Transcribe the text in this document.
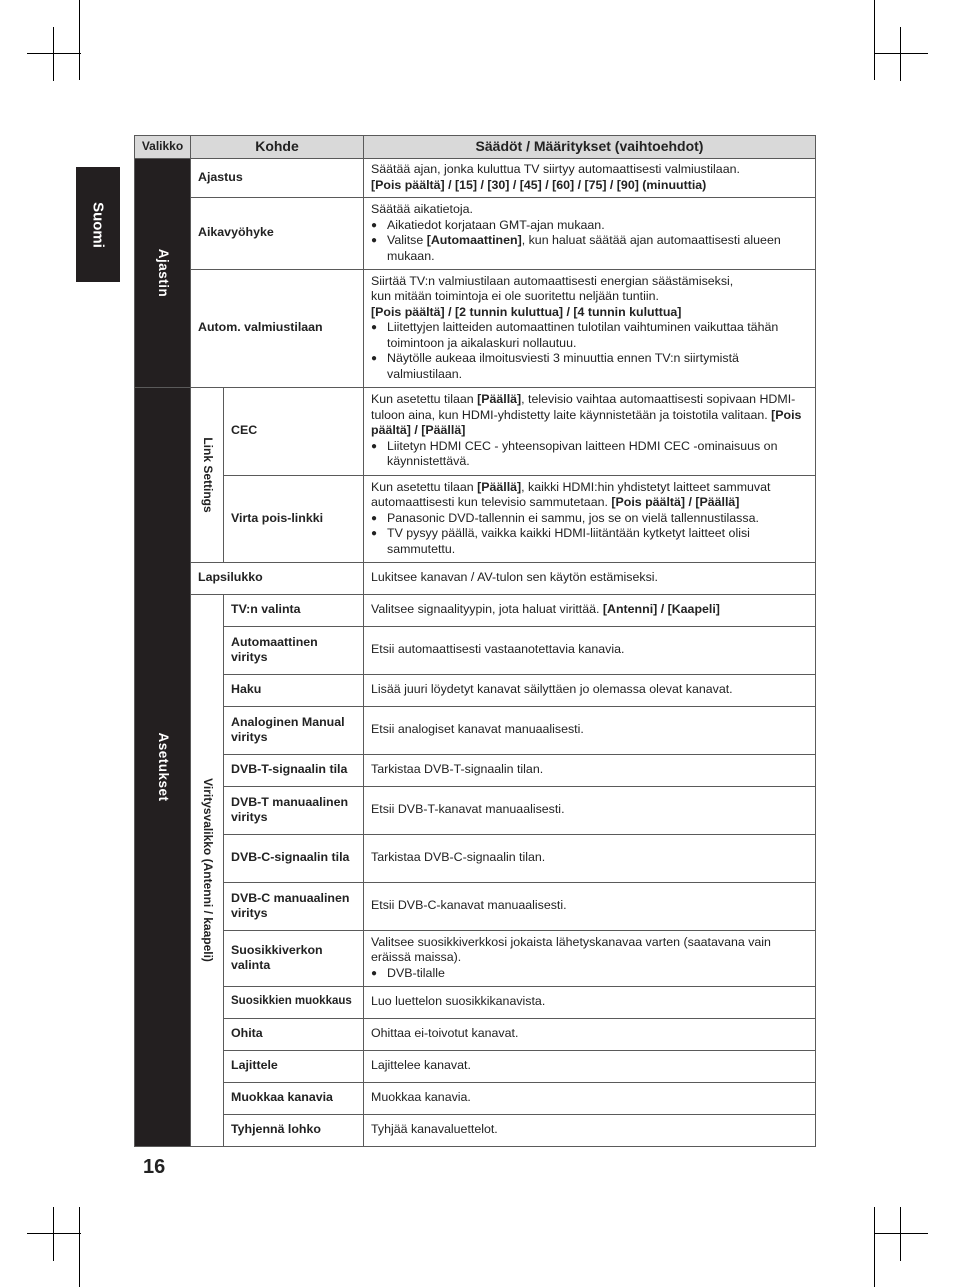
Suomi
Valikko	Kohde		Säädöt / Määritykset (vaihtoehdot)

Ajastin	Ajastus		Säätää ajan, jonka kuluttua TV siirtyy automaattisesti valmiustilaan.
[Pois päältä] / [15] / [30] / [45] / [60] / [75] / [90] (minuuttia)

	Aikavyöhyke		Säätää aikatietoja.
● Aikatiedot korjataan GMT-ajan mukaan.
● Valitse [Automaattinen], kun haluat säätää ajan automaattisesti alueen mukaan.

	Autom. valmiustilaan		Siirtää TV:n valmiustilaan automaattisesti energian säästämiseksi,
kun mitään toimintoja ei ole suoritettu neljään tuntiin.
[Pois päältä] / [2 tunnin kuluttua] / [4 tunnin kuluttua]
● Liitettyjen laitteiden automaattinen tulotilan vaihtuminen vaikuttaa tähän toimintoon ja aikalaskuri nollautuu.
● Näytölle aukeaa ilmoitusviesti 3 minuuttia ennen TV:n siirtymistä valmiustilaan.

Asetukset	Link Settings	CEC	Kun asetettu tilaan [Päällä], televisio vaihtaa automaattisesti sopivaan HDMI-tuloon aina, kun HDMI-yhdistetty laite käynnistetään ja toistotila valitaan. [Pois päältä] / [Päällä]
● Liitetyn HDMI CEC - yhteensopivan laitteen HDMI CEC -ominaisuus on käynnistettävä.

		Virta pois-linkki	Kun asetettu tilaan [Päällä], kaikki HDMI:hin yhdistetyt laitteet sammuvat automaattisesti kun televisio sammutetaan. [Pois päältä] / [Päällä]
● Panasonic DVD-tallennin ei sammu, jos se on vielä tallennustilassa.
● TV pysyy päällä, vaikka kaikki HDMI-liitäntään kytketyt laitteet olisi sammutettu.

	Lapsilukko		Lukitsee kanavan / AV-tulon sen käytön estämiseksi.

	Viritysvalikko (Antenni / kaapeli)	TV:n valinta	Valitsee signaalityypin, jota haluat virittää. [Antenni] / [Kaapeli]
		Automaattinen viritys	Etsii automaattisesti vastaanotettavia kanavia.
		Haku	Lisää juuri löydetyt kanavat säilyttäen jo olemassa olevat kanavat.
		Analoginen Manual viritys	Etsii analogiset kanavat manuaalisesti.
		DVB-T-signaalin tila	Tarkistaa DVB-T-signaalin tilan.
		DVB-T manuaalinen viritys	Etsii DVB-T-kanavat manuaalisesti.
		DVB-C-signaalin tila	Tarkistaa DVB-C-signaalin tilan.
		DVB-C manuaalinen viritys	Etsii DVB-C-kanavat manuaalisesti.
		Suosikkiverkon valinta	Valitsee suosikkiverkkosi jokaista lähetyskanavaa varten (saatavana vain eräissä maissa).
● DVB-tilalle

		Suosikkien muokkaus	Luo luettelon suosikkikanavista.
		Ohita	Ohittaa ei-toivotut kanavat.
		Lajittele	Lajittelee kanavat.
		Muokkaa kanavia	Muokkaa kanavia.
		Tyhjennä lohko	Tyhjää kanavaluettelot.
16
